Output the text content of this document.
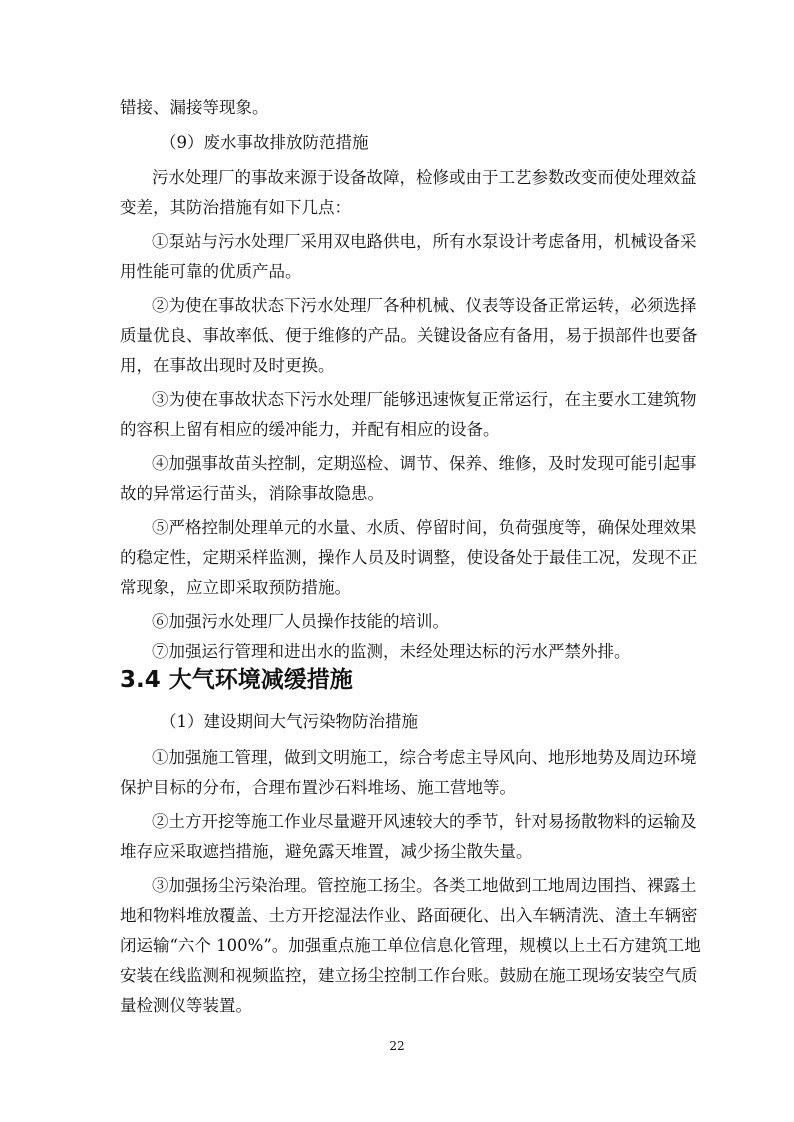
错接、漏接等现象。
（9）废水事故排放防范措施
污水处理厂的事故来源于设备故障，检修或由于工艺参数改变而使处理效益
变差，其防治措施有如下几点：
①泵站与污水处理厂采用双电路供电，所有水泵设计考虑备用，机械设备采
用性能可靠的优质产品。
②为使在事故状态下污水处理厂各种机械、仪表等设备正常运转，必须选择
质量优良、事故率低、便于维修的产品。关键设备应有备用，易于损部件也要备
用，在事故出现时及时更换。
③为使在事故状态下污水处理厂能够迅速恢复正常运行，在主要水工建筑物
的容积上留有相应的缓冲能力，并配有相应的设备。
④加强事故苗头控制，定期巡检、调节、保养、维修，及时发现可能引起事
故的异常运行苗头，消除事故隐患。
⑤严格控制处理单元的水量、水质、停留时间，负荷强度等，确保处理效果
的稳定性，定期采样监测，操作人员及时调整，使设备处于最佳工况，发现不正
常现象，应立即采取预防措施。
⑥加强污水处理厂人员操作技能的培训。
⑦加强运行管理和进出水的监测，未经处理达标的污水严禁外排。
3.4 大气环境减缓措施
（1）建设期间大气污染物防治措施
①加强施工管理，做到文明施工，综合考虑主导风向、地形地势及周边环境
保护目标的分布，合理布置沙石料堆场、施工营地等。
②土方开挖等施工作业尽量避开风速较大的季节，针对易扬散物料的运输及
堆存应采取遮挡措施，避免露天堆置，减少扬尘散失量。
③加强扬尘污染治理。管控施工扬尘。各类工地做到工地周边围挡、裸露土
地和物料堆放覆盖、土方开挖湿法作业、路面硬化、出入车辆清洗、渣土车辆密
闭运输“六个 100%”。加强重点施工单位信息化管理，规模以上土石方建筑工地
安装在线监测和视频监控，建立扬尘控制工作台账。鼓励在施工现场安装空气质
量检测仪等装置。
22
